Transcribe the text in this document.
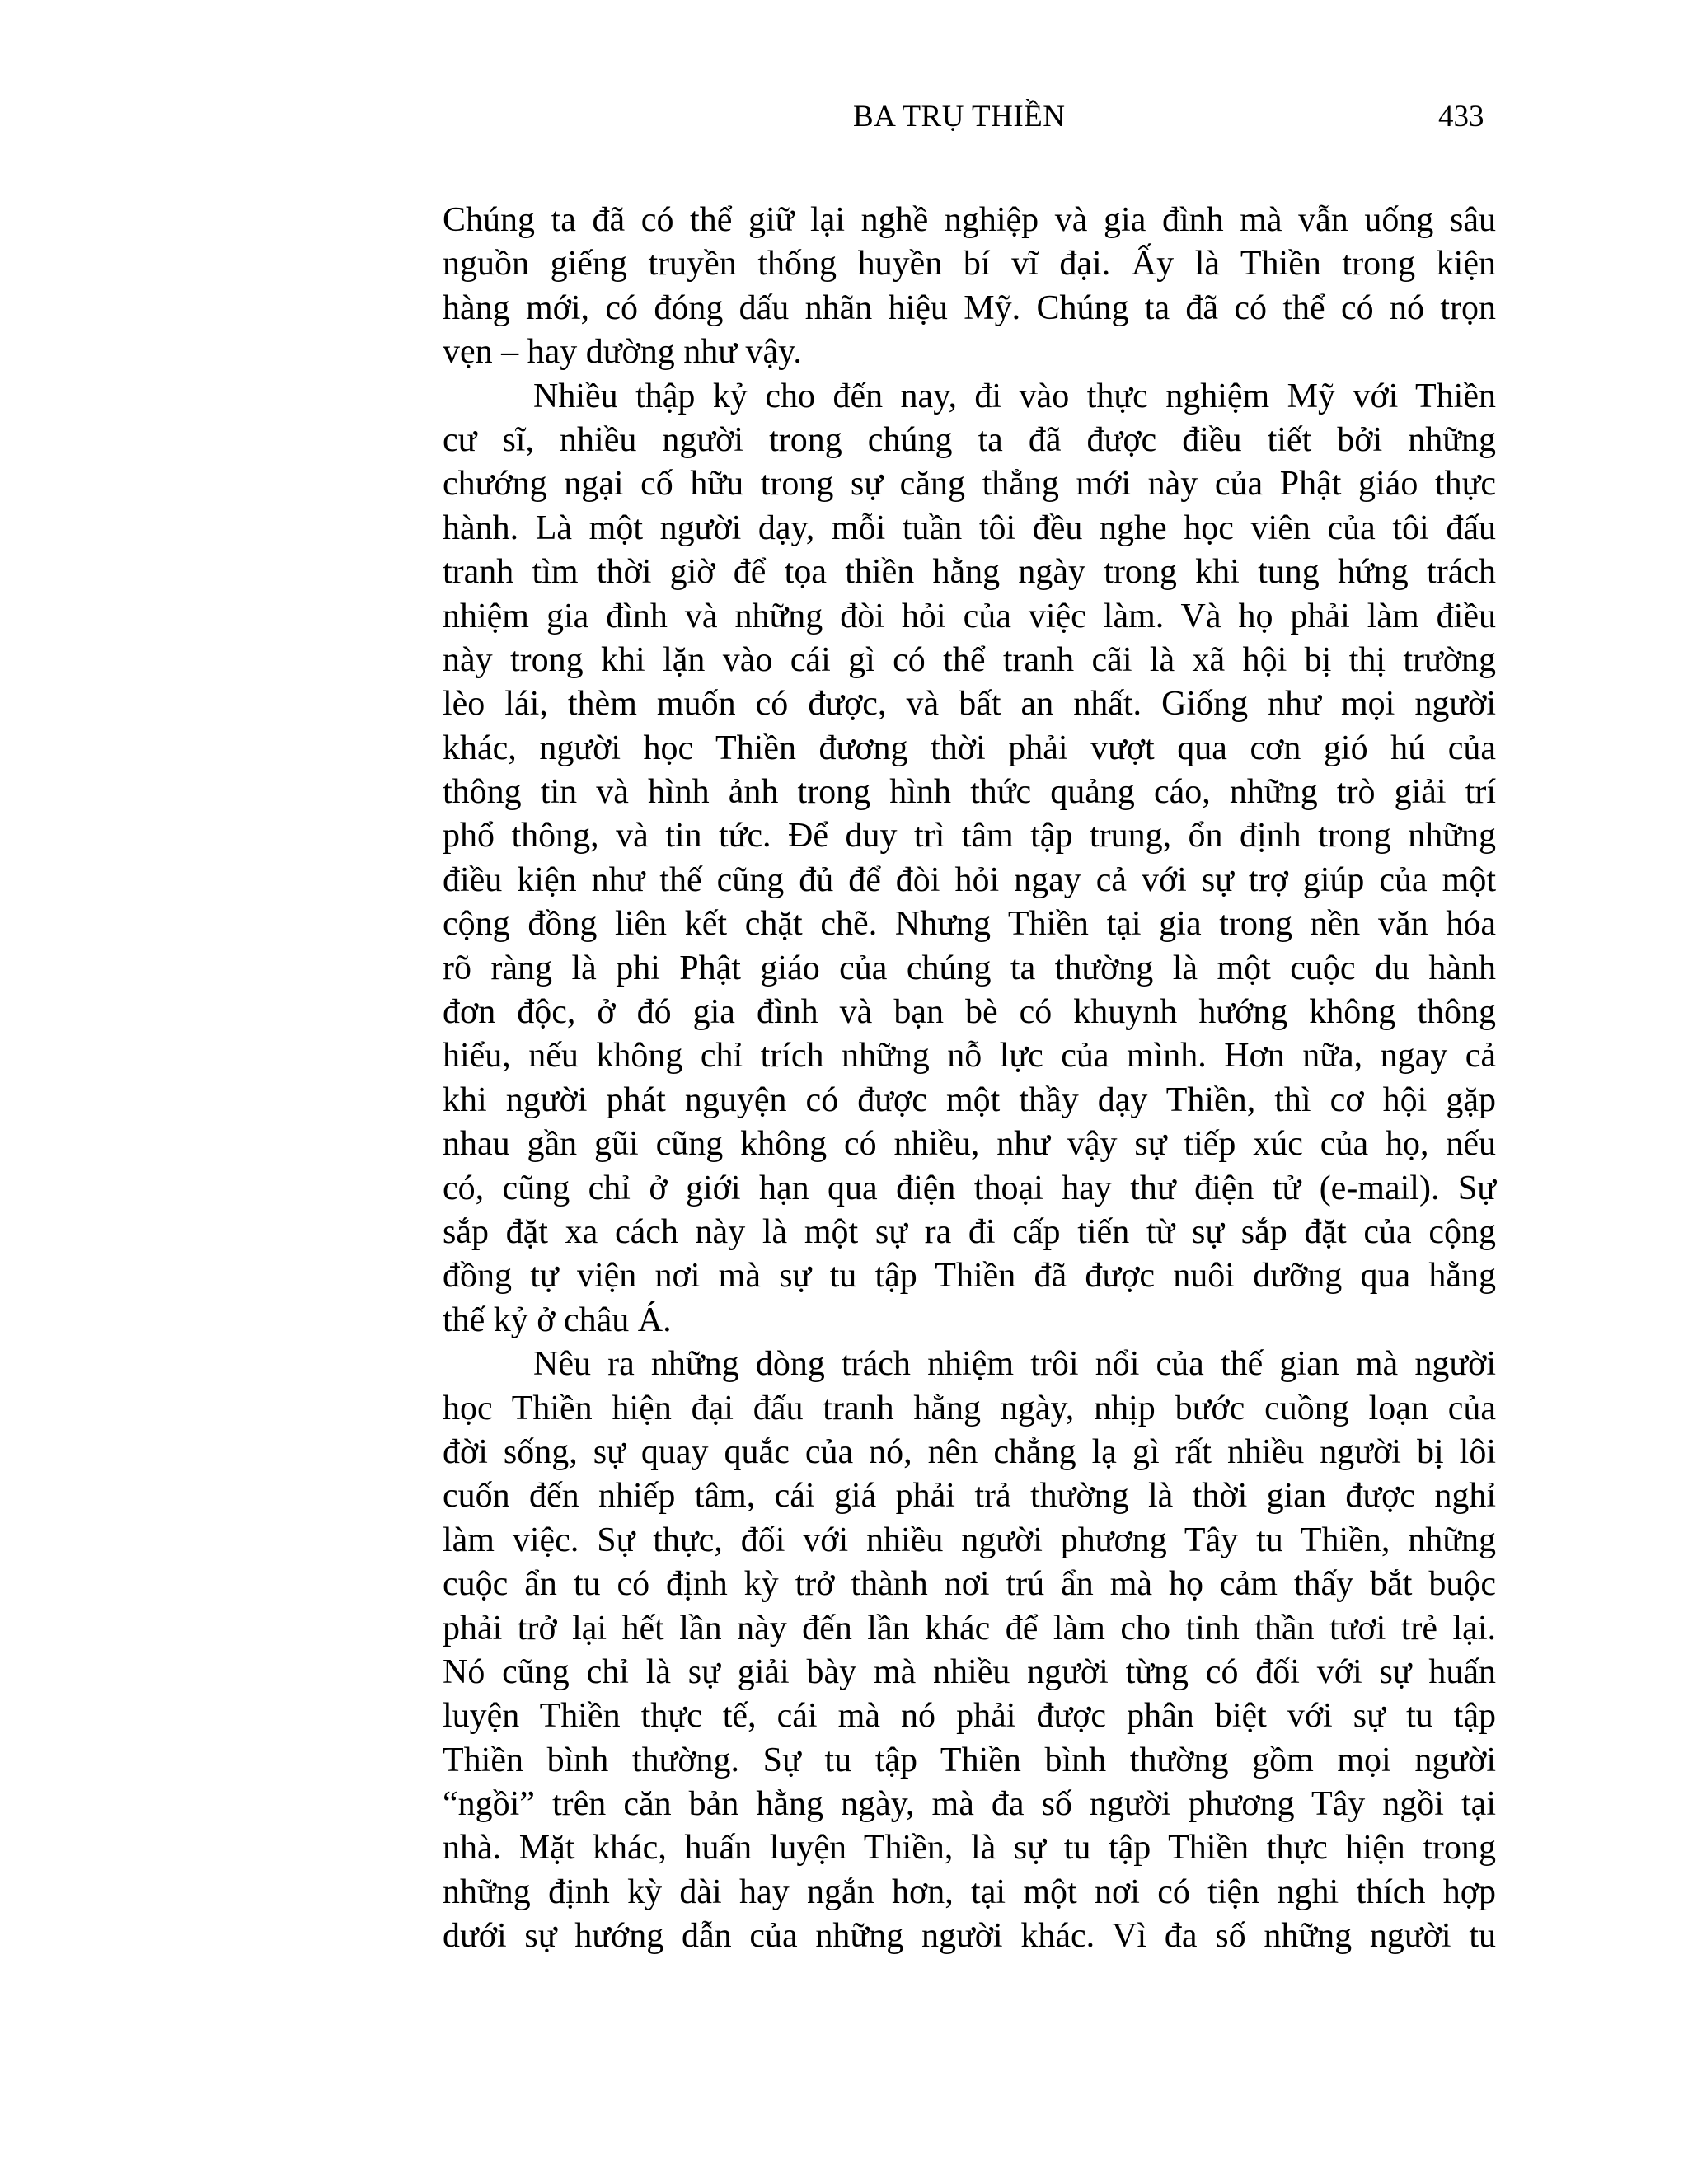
BA TRỤ THIỀN	433
Chúng ta đã có thể giữ lại nghề nghiệp và gia đình mà vẫn uống sâu
nguồn giếng truyền thống huyền bí vĩ đại. Ấy là Thiền trong kiện
hàng mới, có đóng dấu nhãn hiệu Mỹ. Chúng ta đã có thể có nó trọn
vẹn – hay dường như vậy.
Nhiều thập kỷ cho đến nay, đi vào thực nghiệm Mỹ với Thiền
cư sĩ, nhiều người trong chúng ta đã được điều tiết bởi những
chướng ngại cố hữu trong sự căng thẳng mới này của Phật giáo thực
hành. Là một người dạy, mỗi tuần tôi đều nghe học viên của tôi đấu
tranh tìm thời giờ để tọa thiền hằng ngày trong khi tung hứng trách
nhiệm gia đình và những đòi hỏi của việc làm. Và họ phải làm điều
này trong khi lặn vào cái gì có thể tranh cãi là xã hội bị thị trường
lèo lái, thèm muốn có được, và bất an nhất. Giống như mọi người
khác, người học Thiền đương thời phải vượt qua cơn gió hú của
thông tin và hình ảnh trong hình thức quảng cáo, những trò giải trí
phổ thông, và tin tức. Để duy trì tâm tập trung, ổn định trong những
điều kiện như thế cũng đủ để đòi hỏi ngay cả với sự trợ giúp của một
cộng đồng liên kết chặt chẽ. Nhưng Thiền tại gia trong nền văn hóa
rõ ràng là phi Phật giáo của chúng ta thường là một cuộc du hành
đơn độc, ở đó gia đình và bạn bè có khuynh hướng không thông
hiểu, nếu không chỉ trích những nỗ lực của mình. Hơn nữa, ngay cả
khi người phát nguyện có được một thầy dạy Thiền, thì cơ hội gặp
nhau gần gũi cũng không có nhiều, như vậy sự tiếp xúc của họ, nếu
có, cũng chỉ ở giới hạn qua điện thoại hay thư điện tử (e-mail). Sự
sắp đặt xa cách này là một sự ra đi cấp tiến từ sự sắp đặt của cộng
đồng tự viện nơi mà sự tu tập Thiền đã được nuôi dưỡng qua hằng
thế kỷ ở châu Á.
Nêu ra những dòng trách nhiệm trôi nổi của thế gian mà người
học Thiền hiện đại đấu tranh hằng ngày, nhịp bước cuồng loạn của
đời sống, sự quay quắc của nó, nên chẳng lạ gì rất nhiều người bị lôi
cuốn đến nhiếp tâm, cái giá phải trả thường là thời gian được nghỉ
làm việc. Sự thực, đối với nhiều người phương Tây tu Thiền, những
cuộc ẩn tu có định kỳ trở thành nơi trú ẩn mà họ cảm thấy bắt buộc
phải trở lại hết lần này đến lần khác để làm cho tinh thần tươi trẻ lại.
Nó cũng chỉ là sự giải bày mà nhiều người từng có đối với sự huấn
luyện Thiền thực tế, cái mà nó phải được phân biệt với sự tu tập
Thiền bình thường. Sự tu tập Thiền bình thường gồm mọi người
“ngồi” trên căn bản hằng ngày, mà đa số người phương Tây ngồi tại
nhà. Mặt khác, huấn luyện Thiền, là sự tu tập Thiền thực hiện trong
những định kỳ dài hay ngắn hơn, tại một nơi có tiện nghi thích hợp
dưới sự hướng dẫn của những người khác. Vì đa số những người tu
